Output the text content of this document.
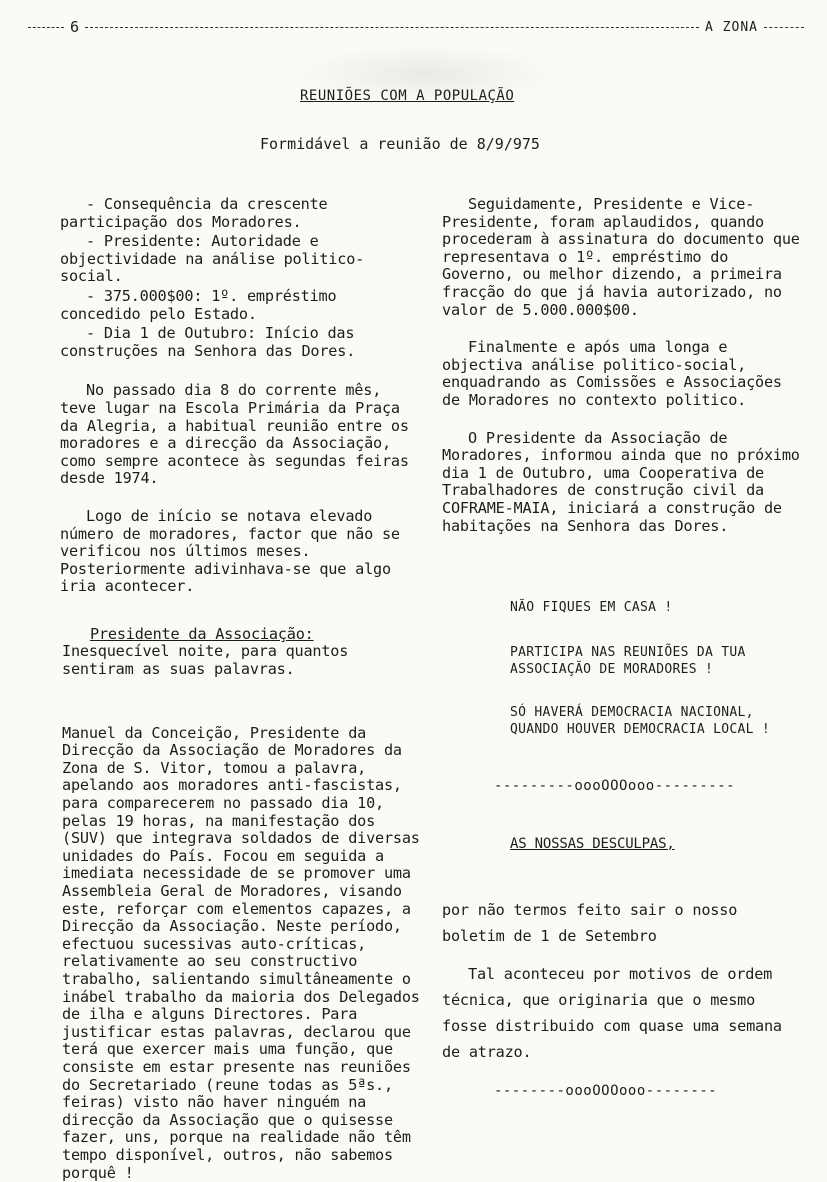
6	A ZONA
REUNIÕES COM A POPULAÇÃO
Formidável a reunião de 8/9/975

- Consequência da crescente participação dos Moradores.

- Presidente: Autoridade e objectividade na análise politico-social.

- 375.000$00: 1º. empréstimo concedido pelo Estado.

- Dia 1 de Outubro: Início das construções na Senhora das Dores.

No passado dia 8 do corrente mês, teve lugar na Escola Primária da Praça da Alegria, a habitual reunião entre os moradores e a direcção da Associação, como sempre acontece às segundas feiras desde 1974.

Logo de início se notava elevado número de moradores, factor que não se verificou nos últimos meses. Posteriormente adivinhava-se que algo iria acontecer.

Presidente da Associação:

Inesquecível noite, para quantos sentiram as suas palavras.

Manuel da Conceição, Presidente da Direcção da Associação de Moradores da Zona de S. Vitor, tomou a palavra, apelando aos moradores anti-fascistas, para comparecerem no passado dia 10, pelas 19 horas, na manifestação dos (SUV) que integrava soldados de diversas unidades do País. Focou em seguida a imediata necessidade de se promover uma Assembleia Geral de Moradores, visando este, reforçar com elementos capazes, a Direcção da Associação. Neste período, efectuou sucessivas auto-críticas, relativamente ao seu constructivo trabalho, salientando simultâneamente o inábel trabalho da maioria dos Delegados de ilha e alguns Directores. Para justificar estas palavras, declarou que terá que exercer mais uma função, que consiste em estar presente nas reuniões do Secretariado (reune todas as 5ªs., feiras) visto não haver ninguém na direcção da Associação que o quisesse fazer, uns, porque na realidade não têm tempo disponível, outros, não sabemos porquê !

Seguidamente, Presidente e Vice-Presidente, foram aplaudidos, quando procederam à assinatura do documento que representava o 1º. empréstimo do Governo, ou melhor dizendo, a primeira fracção do que já havia autorizado, no valor de 5.000.000$00.

Finalmente e após uma longa e objectiva análise politico-social, enquadrando as Comissões e Associações de Moradores no contexto politico.

O Presidente da Associação de Moradores, informou ainda que no próximo dia 1 de Outubro, uma Cooperativa de Trabalhadores de construção civil da COFRAME-MAIA, iniciará a construção de habitações na Senhora das Dores.

NÃO FIQUES EM CASA !

PARTICIPA NAS REUNIÕES DA TUA ASSOCIAÇÃO DE MORADORES !

SÓ HAVERÁ DEMOCRACIA NACIONAL, QUANDO HOUVER DEMOCRACIA LOCAL !

---------oooOOOooo---------

AS NOSSAS DESCULPAS,

por não termos feito sair o nosso boletim de 1 de Setembro

Tal aconteceu por motivos de ordem técnica, que originaria que o mesmo fosse distribuido com quase uma semana de atrazo.

--------oooOOOooo--------
